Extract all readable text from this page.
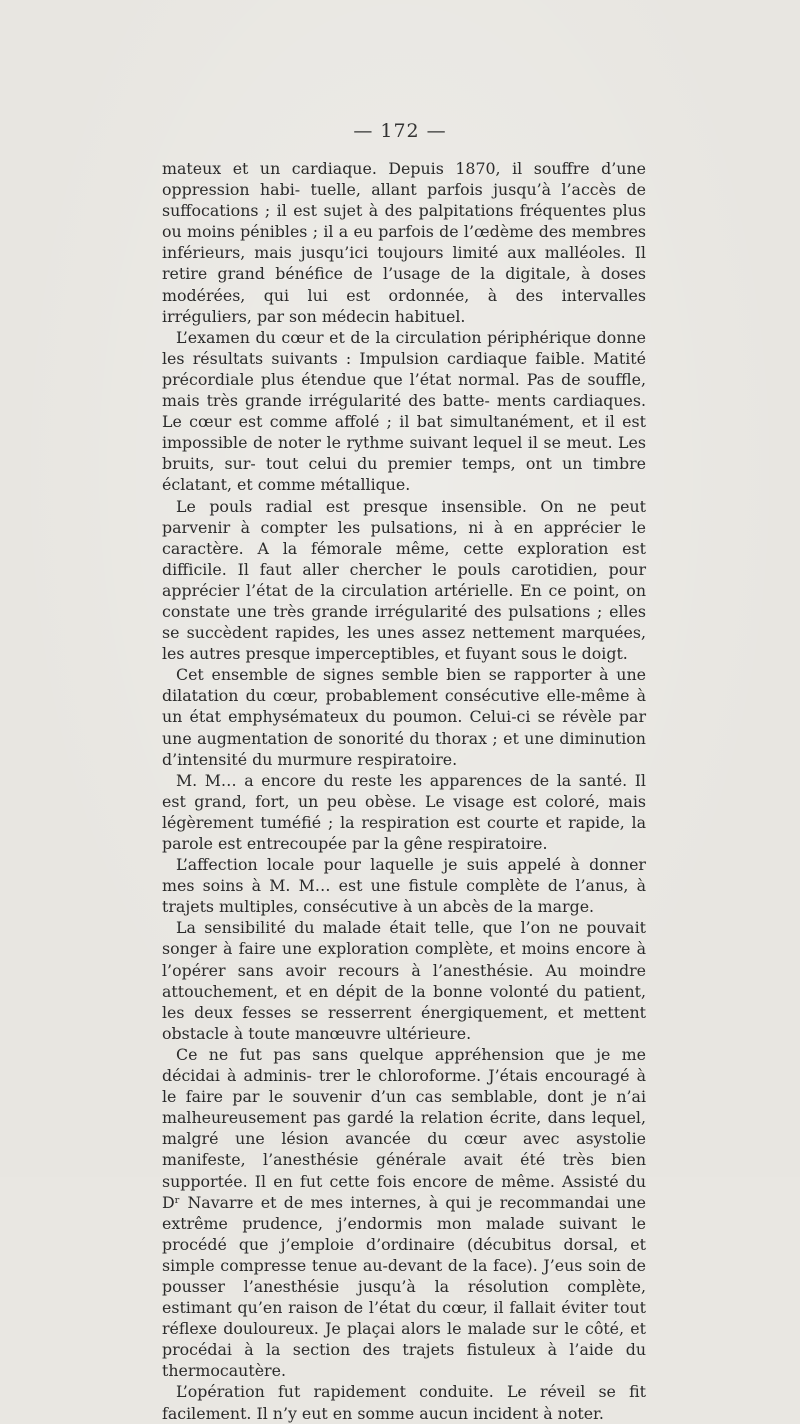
— 172 —

mateux et un cardiaque. Depuis 1870, il souffre d’une oppression habi- tuelle, allant parfois jusqu’à l’accès de suffocations ; il est sujet à des palpitations fréquentes plus ou moins pénibles ; il a eu parfois de l’œdème des membres inférieurs, mais jusqu’ici toujours limité aux malléoles. Il retire grand bénéfice de l’usage de la digitale, à doses modérées, qui lui est ordonnée, à des intervalles irréguliers, par son médecin habituel.

L’examen du cœur et de la circulation périphérique donne les résultats suivants : Impulsion cardiaque faible. Matité précordiale plus étendue que l’état normal. Pas de souffle, mais très grande irrégularité des batte- ments cardiaques. Le cœur est comme affolé ; il bat simultanément, et il est impossible de noter le rythme suivant lequel il se meut. Les bruits, sur- tout celui du premier temps, ont un timbre éclatant, et comme métallique.

Le pouls radial est presque insensible. On ne peut parvenir à compter les pulsations, ni à en apprécier le caractère. A la fémorale même, cette exploration est difficile. Il faut aller chercher le pouls carotidien, pour apprécier l’état de la circulation artérielle. En ce point, on constate une très grande irrégularité des pulsations ; elles se succèdent rapides, les unes assez nettement marquées, les autres presque imperceptibles, et fuyant sous le doigt.

Cet ensemble de signes semble bien se rapporter à une dilatation du cœur, probablement consécutive elle-même à un état emphysémateux du poumon. Celui-ci se révèle par une augmentation de sonorité du thorax ; et une diminution d’intensité du murmure respiratoire.

M. M… a encore du reste les apparences de la santé. Il est grand, fort, un peu obèse. Le visage est coloré, mais légèrement tuméfié ; la respiration est courte et rapide, la parole est entrecoupée par la gêne respiratoire.

L’affection locale pour laquelle je suis appelé à donner mes soins à M. M… est une fistule complète de l’anus, à trajets multiples, consécutive à un abcès de la marge.

La sensibilité du malade était telle, que l’on ne pouvait songer à faire une exploration complète, et moins encore à l’opérer sans avoir recours à l’anesthésie. Au moindre attouchement, et en dépit de la bonne volonté du patient, les deux fesses se resserrent énergiquement, et mettent obstacle à toute manœuvre ultérieure.

Ce ne fut pas sans quelque appréhension que je me décidai à adminis- trer le chloroforme. J’étais encouragé à le faire par le souvenir d’un cas semblable, dont je n’ai malheureusement pas gardé la relation écrite, dans lequel, malgré une lésion avancée du cœur avec asystolie manifeste, l’anesthésie générale avait été très bien supportée. Il en fut cette fois encore de même. Assisté du Dʳ Navarre et de mes internes, à qui je recommandai une extrême prudence, j’endormis mon malade suivant le procédé que j’emploie d’ordinaire (décubitus dorsal, et simple compresse tenue au-devant de la face). J’eus soin de pousser l’anesthésie jusqu’à la résolution complète, estimant qu’en raison de l’état du cœur, il fallait éviter tout réflexe douloureux. Je plaçai alors le malade sur le côté, et procédai à la section des trajets fistuleux à l’aide du thermocautère.

L’opération fut rapidement conduite. Le réveil se fit facilement. Il n’y eut en somme aucun incident à noter.
